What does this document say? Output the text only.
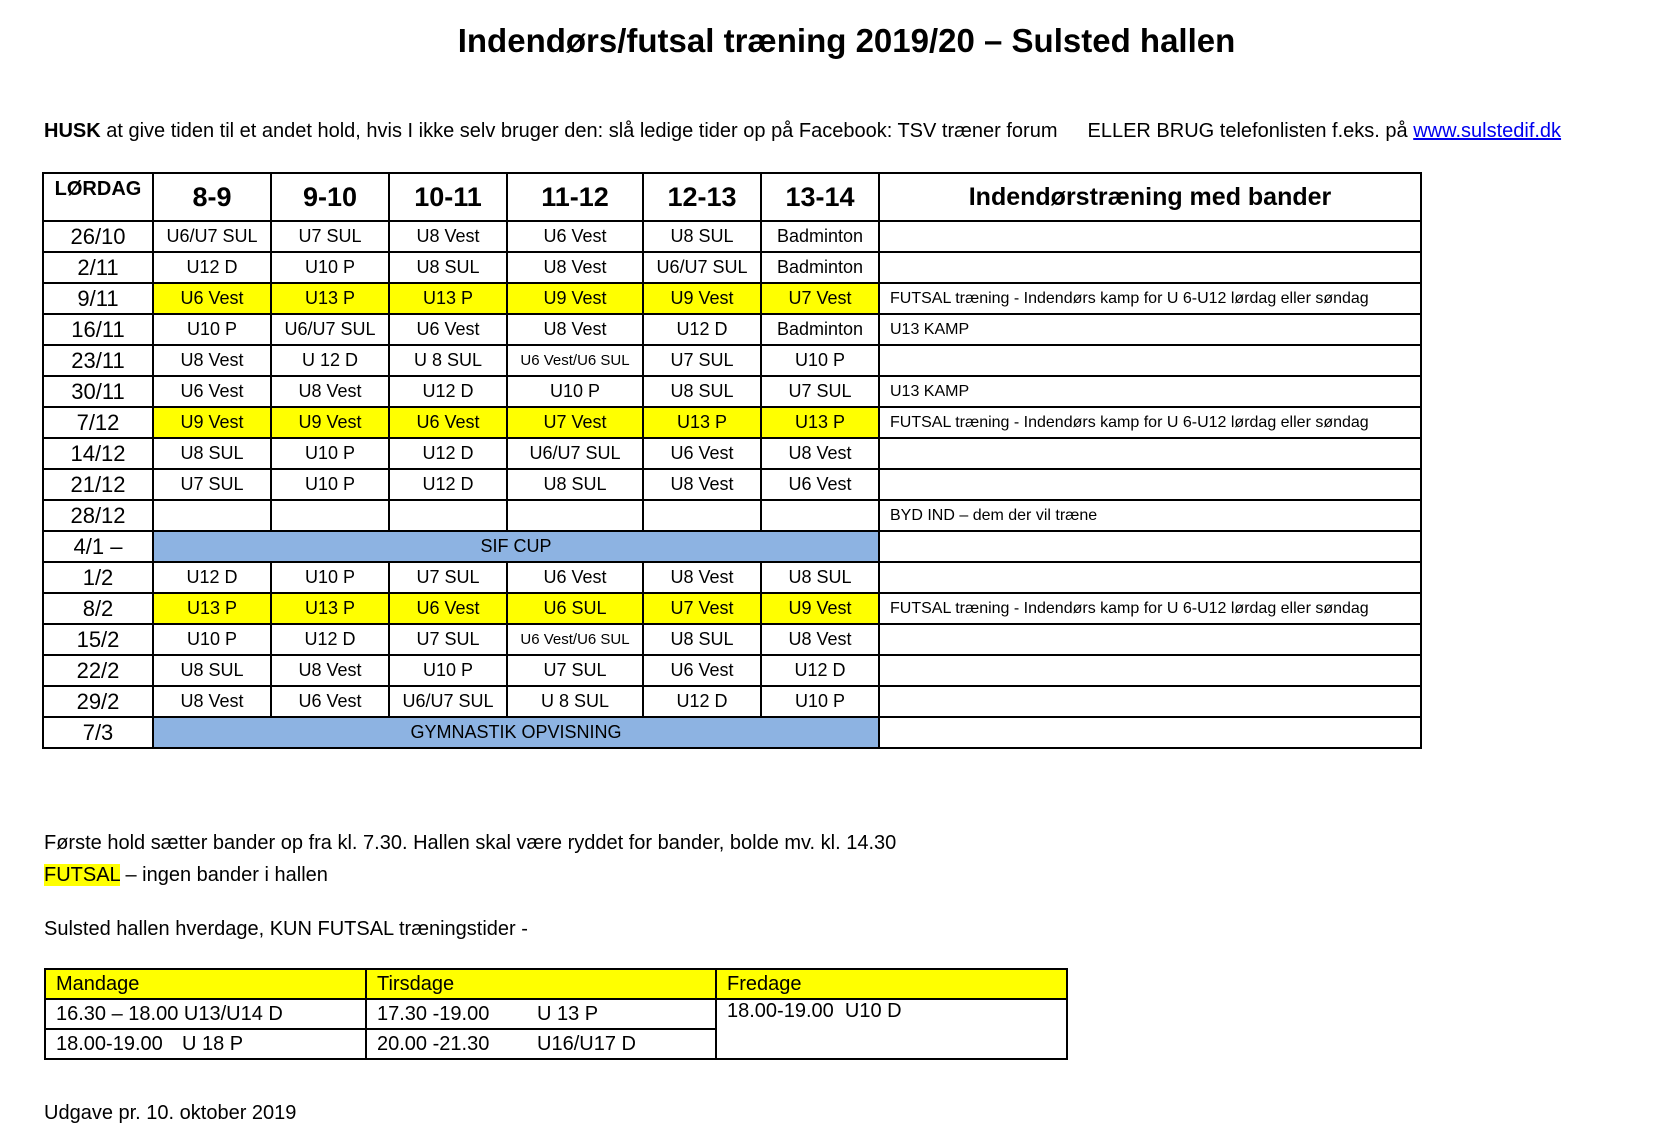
Indendørs/futsal træning 2019/20 – Sulsted hallen
HUSK at give tiden til et andet hold, hvis I ikke selv bruger den: slå ledige tider op på Facebook: TSV træner forum ELLER BRUG telefonlisten f.eks. på www.sulstedif.dk
LØRDAG	8-9	9-10	10-11	11-12	12-13	13-14	Indendørstræning med bander
26/10	U6/U7 SUL	U7 SUL	U8 Vest	U6 Vest	U8 SUL	Badminton	
2/11	U12 D	U10 P	U8 SUL	U8 Vest	U6/U7 SUL	Badminton	
9/11	U6 Vest	U13 P	U13 P	U9 Vest	U9 Vest	U7 Vest	FUTSAL træning - Indendørs kamp for U 6-U12 lørdag eller søndag
16/11	U10 P	U6/U7 SUL	U6 Vest	U8 Vest	U12 D	Badminton	U13 KAMP
23/11	U8 Vest	U 12 D	U 8 SUL	U6 Vest/U6 SUL	U7 SUL	U10 P	
30/11	U6 Vest	U8 Vest	U12 D	U10 P	U8 SUL	U7 SUL	U13 KAMP
7/12	U9 Vest	U9 Vest	U6 Vest	U7 Vest	U13 P	U13 P	FUTSAL træning - Indendørs kamp for U 6-U12 lørdag eller søndag
14/12	U8 SUL	U10 P	U12 D	U6/U7 SUL	U6 Vest	U8 Vest	
21/12	U7 SUL	U10 P	U12 D	U8 SUL	U8 Vest	U6 Vest	
28/12							BYD IND – dem der vil træne
4/1 –	SIF CUP						
1/2	U12 D	U10 P	U7 SUL	U6 Vest	U8 Vest	U8 SUL	
8/2	U13 P	U13 P	U6 Vest	U6 SUL	U7 Vest	U9 Vest	FUTSAL træning - Indendørs kamp for U 6-U12 lørdag eller søndag
15/2	U10 P	U12 D	U7 SUL	U6 Vest/U6 SUL	U8 SUL	U8 Vest	
22/2	U8 SUL	U8 Vest	U10 P	U7 SUL	U6 Vest	U12 D	
29/2	U8 Vest	U6 Vest	U6/U7 SUL	U 8 SUL	U12 D	U10 P	
7/3	GYMNASTIK OPVISNING						
Første hold sætter bander op fra kl. 7.30. Hallen skal være ryddet for bander, bolde mv. kl. 14.30
FUTSAL – ingen bander i hallen
Sulsted hallen hverdage, KUN FUTSAL træningstider -
Mandage	Tirsdage	Fredage
16.30 – 18.00 U13/U14 D	17.30 -19.00 U 13 P	18.00-19.00 U10 D
18.00-19.00 U 18 P	20.00 -21.30 U16/U17 D	
Udgave pr. 10. oktober 2019
